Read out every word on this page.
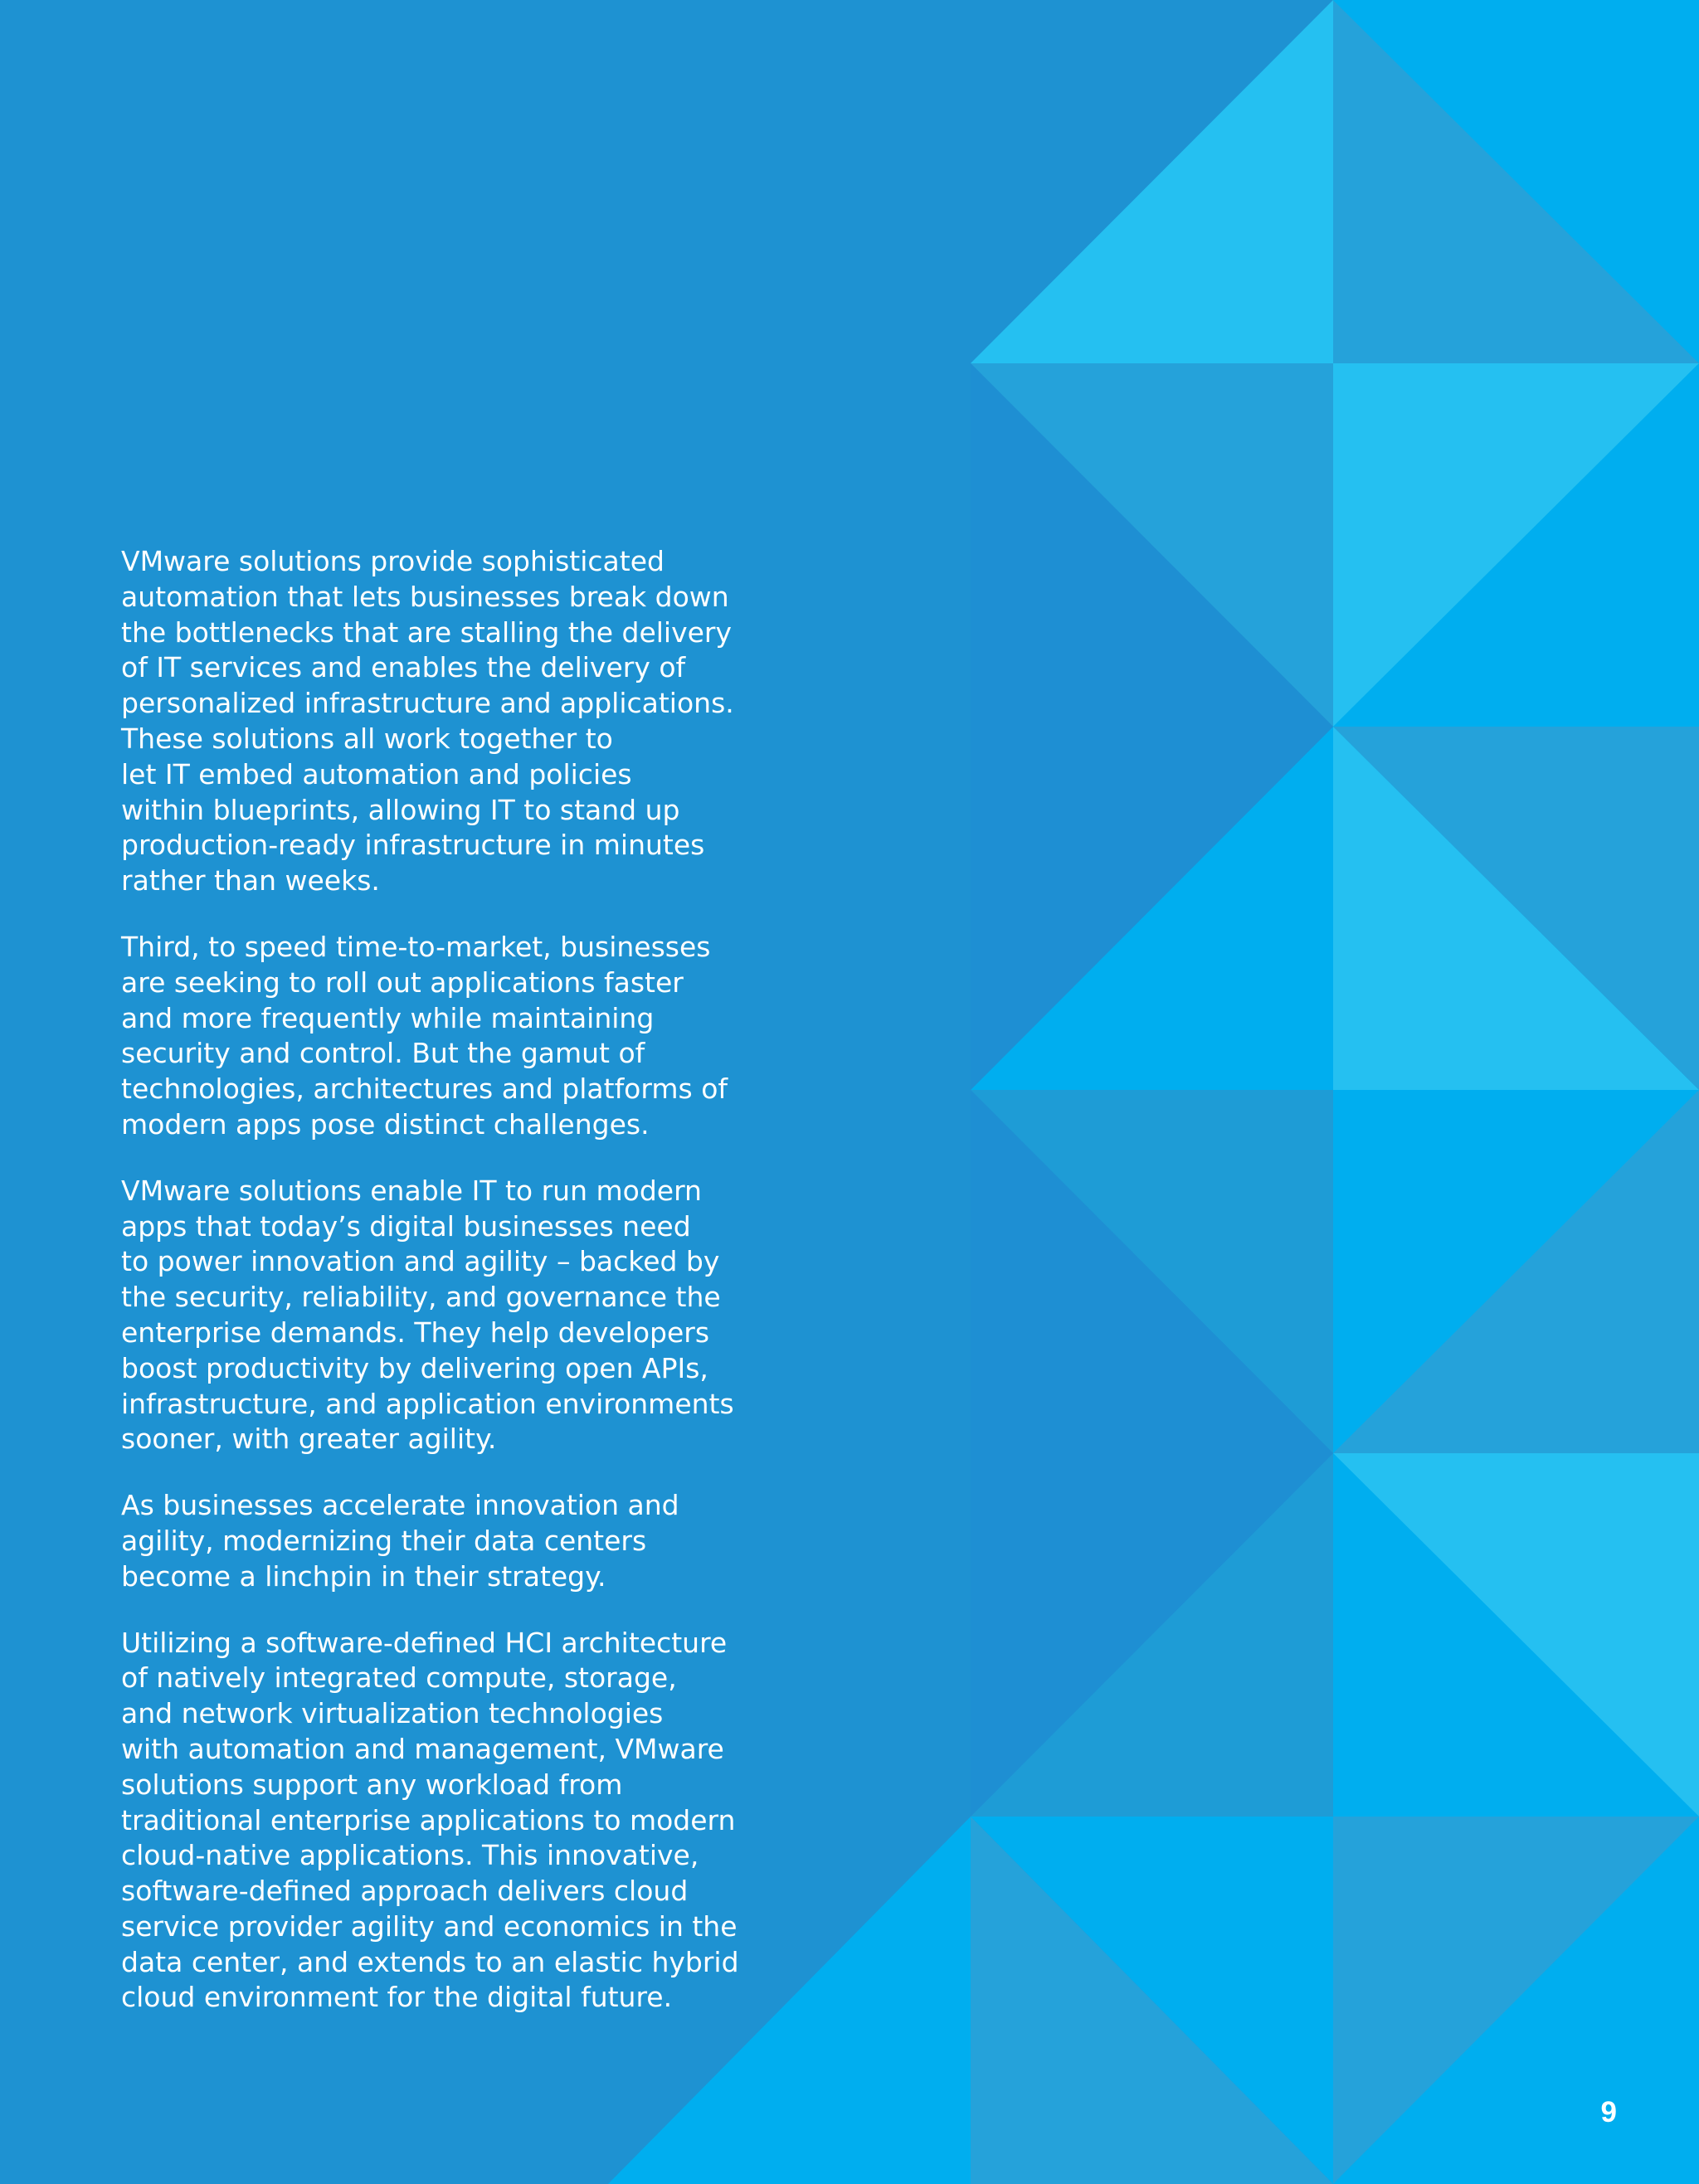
VMware solutions provide sophisticated
automation that lets businesses break down
the bottlenecks that are stalling the delivery
of IT services and enables the delivery of
personalized infrastructure and applications.
These solutions all work together to
let IT embed automation and policies
within blueprints, allowing IT to stand up
production-ready infrastructure in minutes
rather than weeks.

Third, to speed time-to-market, businesses
are seeking to roll out applications faster
and more frequently while maintaining
security and control. But the gamut of
technologies, architectures and platforms of
modern apps pose distinct challenges.

VMware solutions enable IT to run modern
apps that today’s digital businesses need
to power innovation and agility – backed by
the security, reliability, and governance the
enterprise demands. They help developers
boost productivity by delivering open APIs,
infrastructure, and application environments
sooner, with greater agility.

As businesses accelerate innovation and
agility, modernizing their data centers
become a linchpin in their strategy.

Utilizing a software-defined HCI architecture
of natively integrated compute, storage,
and network virtualization technologies
with automation and management, VMware
solutions support any workload from
traditional enterprise applications to modern
cloud-native applications. This innovative,
software-defined approach delivers cloud
service provider agility and economics in the
data center, and extends to an elastic hybrid
cloud environment for the digital future.

9
